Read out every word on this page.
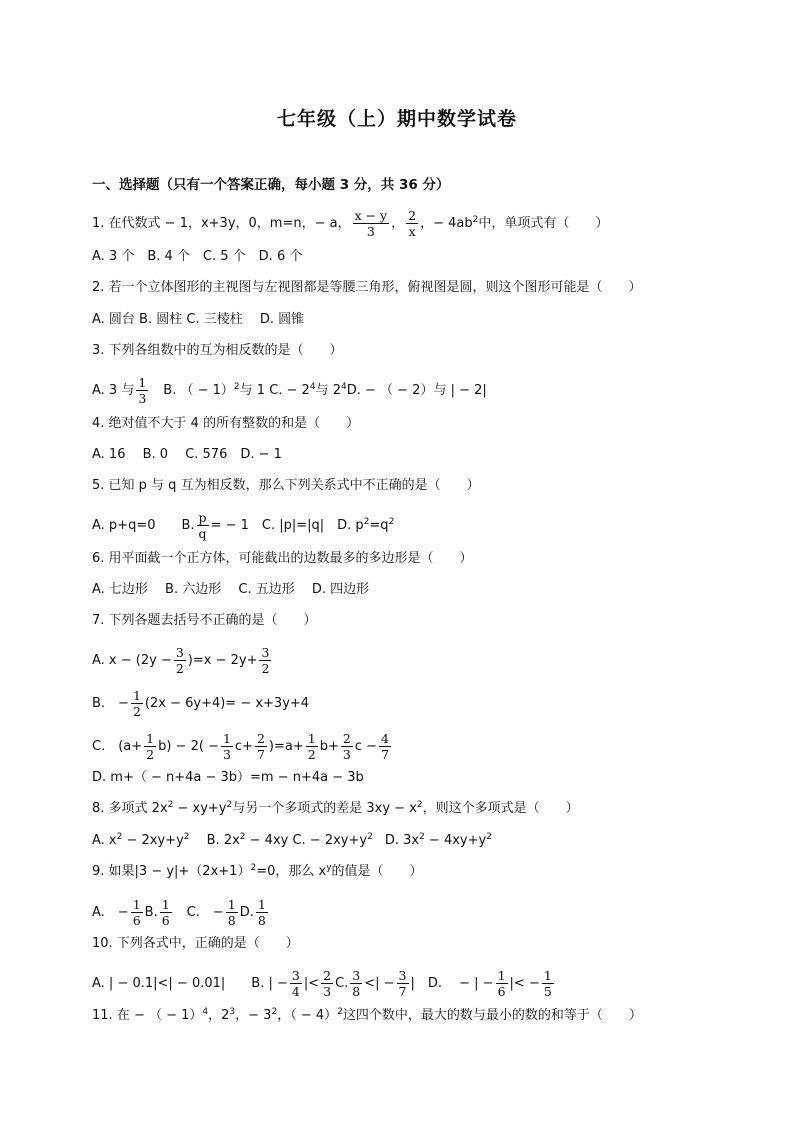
七年级（上）期中数学试卷
一、选择题（只有一个答案正确，每小题 3 分，共 36 分）
1. 在代数式 − 1，x+3y，0，m=n，− a， $\frac{x - y}{3}$ ， $\frac{2}{x}$ ，− $4ab^2$中，单项式有（　　）
A. 3 个　B. 4 个　C. 5 个　D. 6 个
2. 若一个立体图形的主视图与左视图都是等腰三角形，俯视图是圆，则这个图形可能是（　　）
A. 圆台 B. 圆柱 C. 三棱柱　 D. 圆锥
3. 下列各组数中的互为相反数的是（　　）
A. 3 与 $\frac{1}{3}$ 　B. （ − 1）$^2$与 1 C. − $2^4$与 $2^4D$. − （ − 2）与 | − 2|
4. 绝对值不大于 4 的所有整数的和是（　　）
A. 16　 B. 0　 C. 576　D. − 1
5. 已知 p 与 q 互为相反数，那么下列关系式中不正确的是（　　）
A. p+q=0　　B. $\frac{p}{q}$ = − 1　C. |p|=|q|　D. $p^2=q^2$
6. 用平面截一个正方体，可能截出的边数最多的多边形是（　　）
A. 七边形　 B. 六边形　 C. 五边形　 D. 四边形
7. 下列各题去括号不正确的是（　　）
A. $x - (2y - \frac{3}{2} )=x - 2y+ \frac{3}{2}$
B.　− $\frac{1}{2} (2x - 6y+4)= - x+3y+4$
C.　$(a+ \frac{1}{2} b) - 2( - \frac{1}{3} c+ \frac{2}{7} )=a+ \frac{1}{2} b+ \frac{2}{3}$ $c - \frac{4}{7}$
D. m+（ − n+4a − 3b）=m − n+4a − 3b
8. 多项式 $2x^2 - xy+y^2$与另一个多项式的差是 $3xy - x^2$，则这个多项式是（　　）
A. $x^2 - 2xy+y^2$　 B. $2x^2 - 4xy$ C. − $2xy+y^2$ D. $3x^2 - 4xy+y^2$
9. 如果$|3 - y|+(2x+1)^2=0$，那么 $x^y$的值是（　　）
A.　− $\frac{1}{6} B$. $\frac{1}{6}$ 　C.　− $\frac{1}{8} D$. $\frac{1}{8}$
10. 下列各式中，正确的是（　　）
A. | − 0.1|<| − 0.01|　　B. | − $\frac{3}{4}$ |< $\frac{2}{3} C$. $\frac{3}{8}$ <| − $\frac{3}{7}$ |　D.　 − | − $\frac{1}{6}$ |< − $\frac{1}{5}$
11. 在 − （ − 1）$^4$，$2^3$，− $3^2$，（ − 4）$^2$这四个数中，最大的数与最小的数的和等于（　　）
